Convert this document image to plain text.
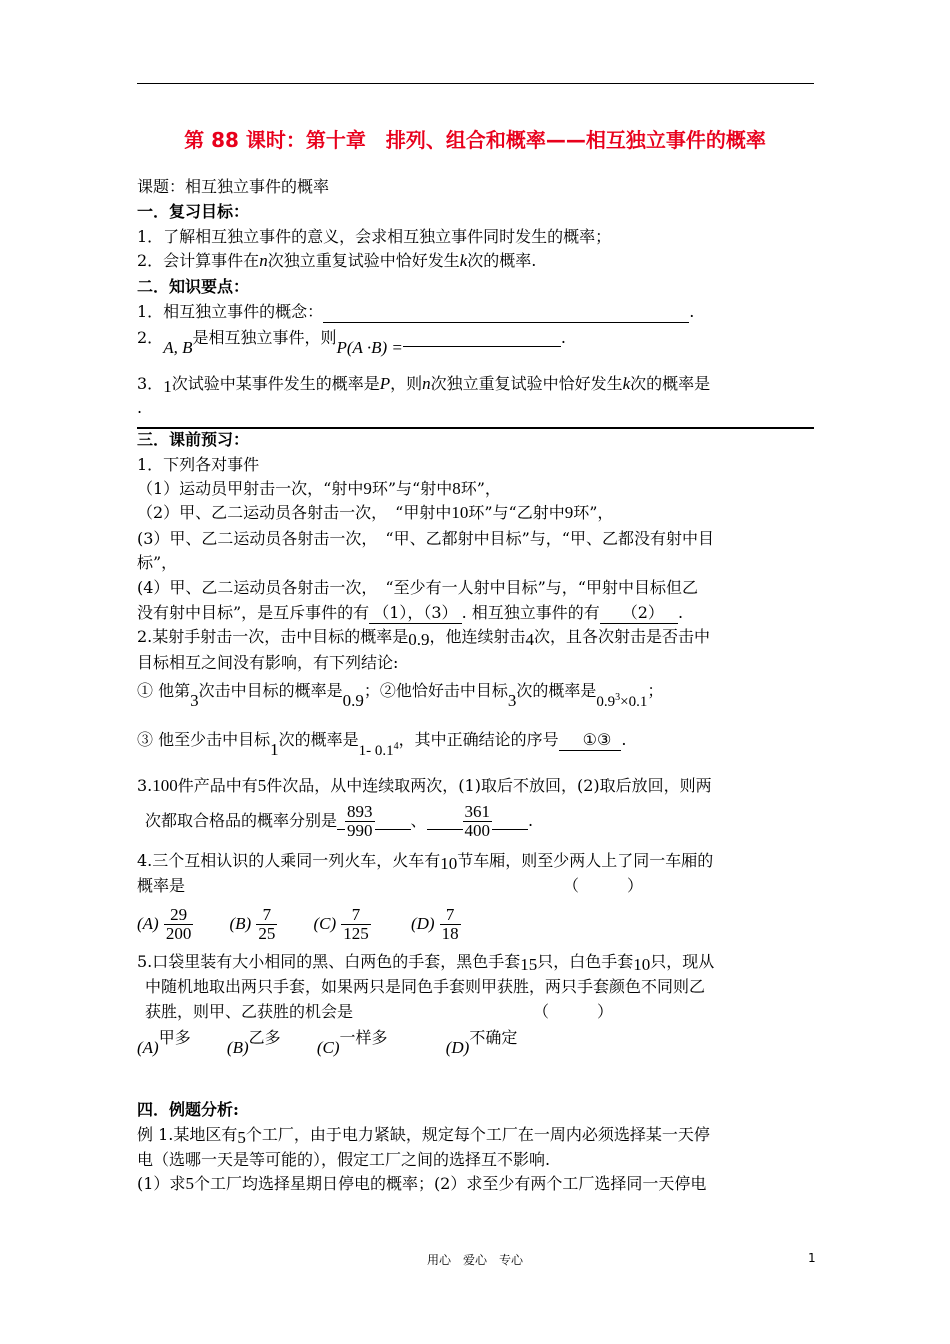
第 88 课时：第十章　排列、组合和概率——相互独立事件的概率
课题：相互独立事件的概率
一．复习目标：
1．了解相互独立事件的意义，会求相互独立事件同时发生的概率；
2．会计算事件在n次独立重复试验中恰好发生k次的概率.
二．知识要点：
1．相互独立事件的概念：	.
2．A, B是相互独立事件，则P(A ·B) = .
3．1次试验中某事件发生的概率是P，则n次独立重复试验中恰好发生k次的概率是
.
三．课前预习：
1．下列各对事件
（1）运动员甲射击一次，“射中9环”与“射中8环”，
（2）甲、乙二运动员各射击一次，　“甲射中10环”与“乙射中9环”，
(3）甲、乙二运动员各射击一次，　“甲、乙都射中目标”与，“甲、乙都没有射中目
标”，
(4）甲、乙二运动员各射击一次，　“至少有一人射中目标”与，“甲射中目标但乙
没有射中目标”，是互斥事件的有 （1），（3） . 相互独立事件的有 （2） .
2.某射手射击一次，击中目标的概率是0.9，他连续射击4次，且各次射击是否击中
目标相互之间没有影响，有下列结论:
① 他第3次击中目标的概率是0.9；②他恰好击中目标3次的概率是$0.9^3\times 0.1$；
③ 他至少击中目标1次的概率是1- $0.1^4$，其中正确结论的序号 ①③ .
3.100件产品中有5件次品，从中连续取两次，(1)取后不放回，(2)取后放回，则两
次都取合格品的概率分别是 $\frac{893}{990}$ 、 $\frac{361}{400}$ .
4.三个互相认识的人乘同一列火车，火车有10节车厢，则至少两人上了同一车厢的
概率是	（　　　）
$(A) \frac{29}{200} (B) \frac{7}{25} (C) \frac{7}{125} (D) \frac{7}{18}$
5.口袋里装有大小相同的黑、白两色的手套，黑色手套15只，白色手套10只，现从
中随机地取出两只手套，如果两只是同色手套则甲获胜，两只手套颜色不同则乙
获胜，则甲、乙获胜的机会是	（　　　）
(A)甲多  (B)乙多  (C)一样多  (D)不确定
四．例题分析:
例 1.某地区有5个工厂，由于电力紧缺，规定每个工厂在一周内必须选择某一天停
电（选哪一天是等可能的），假定工厂之间的选择互不影响.
(1）求5个工厂均选择星期日停电的概率；(2）求至少有两个工厂选择同一天停电
用心　爱心　专心	1
